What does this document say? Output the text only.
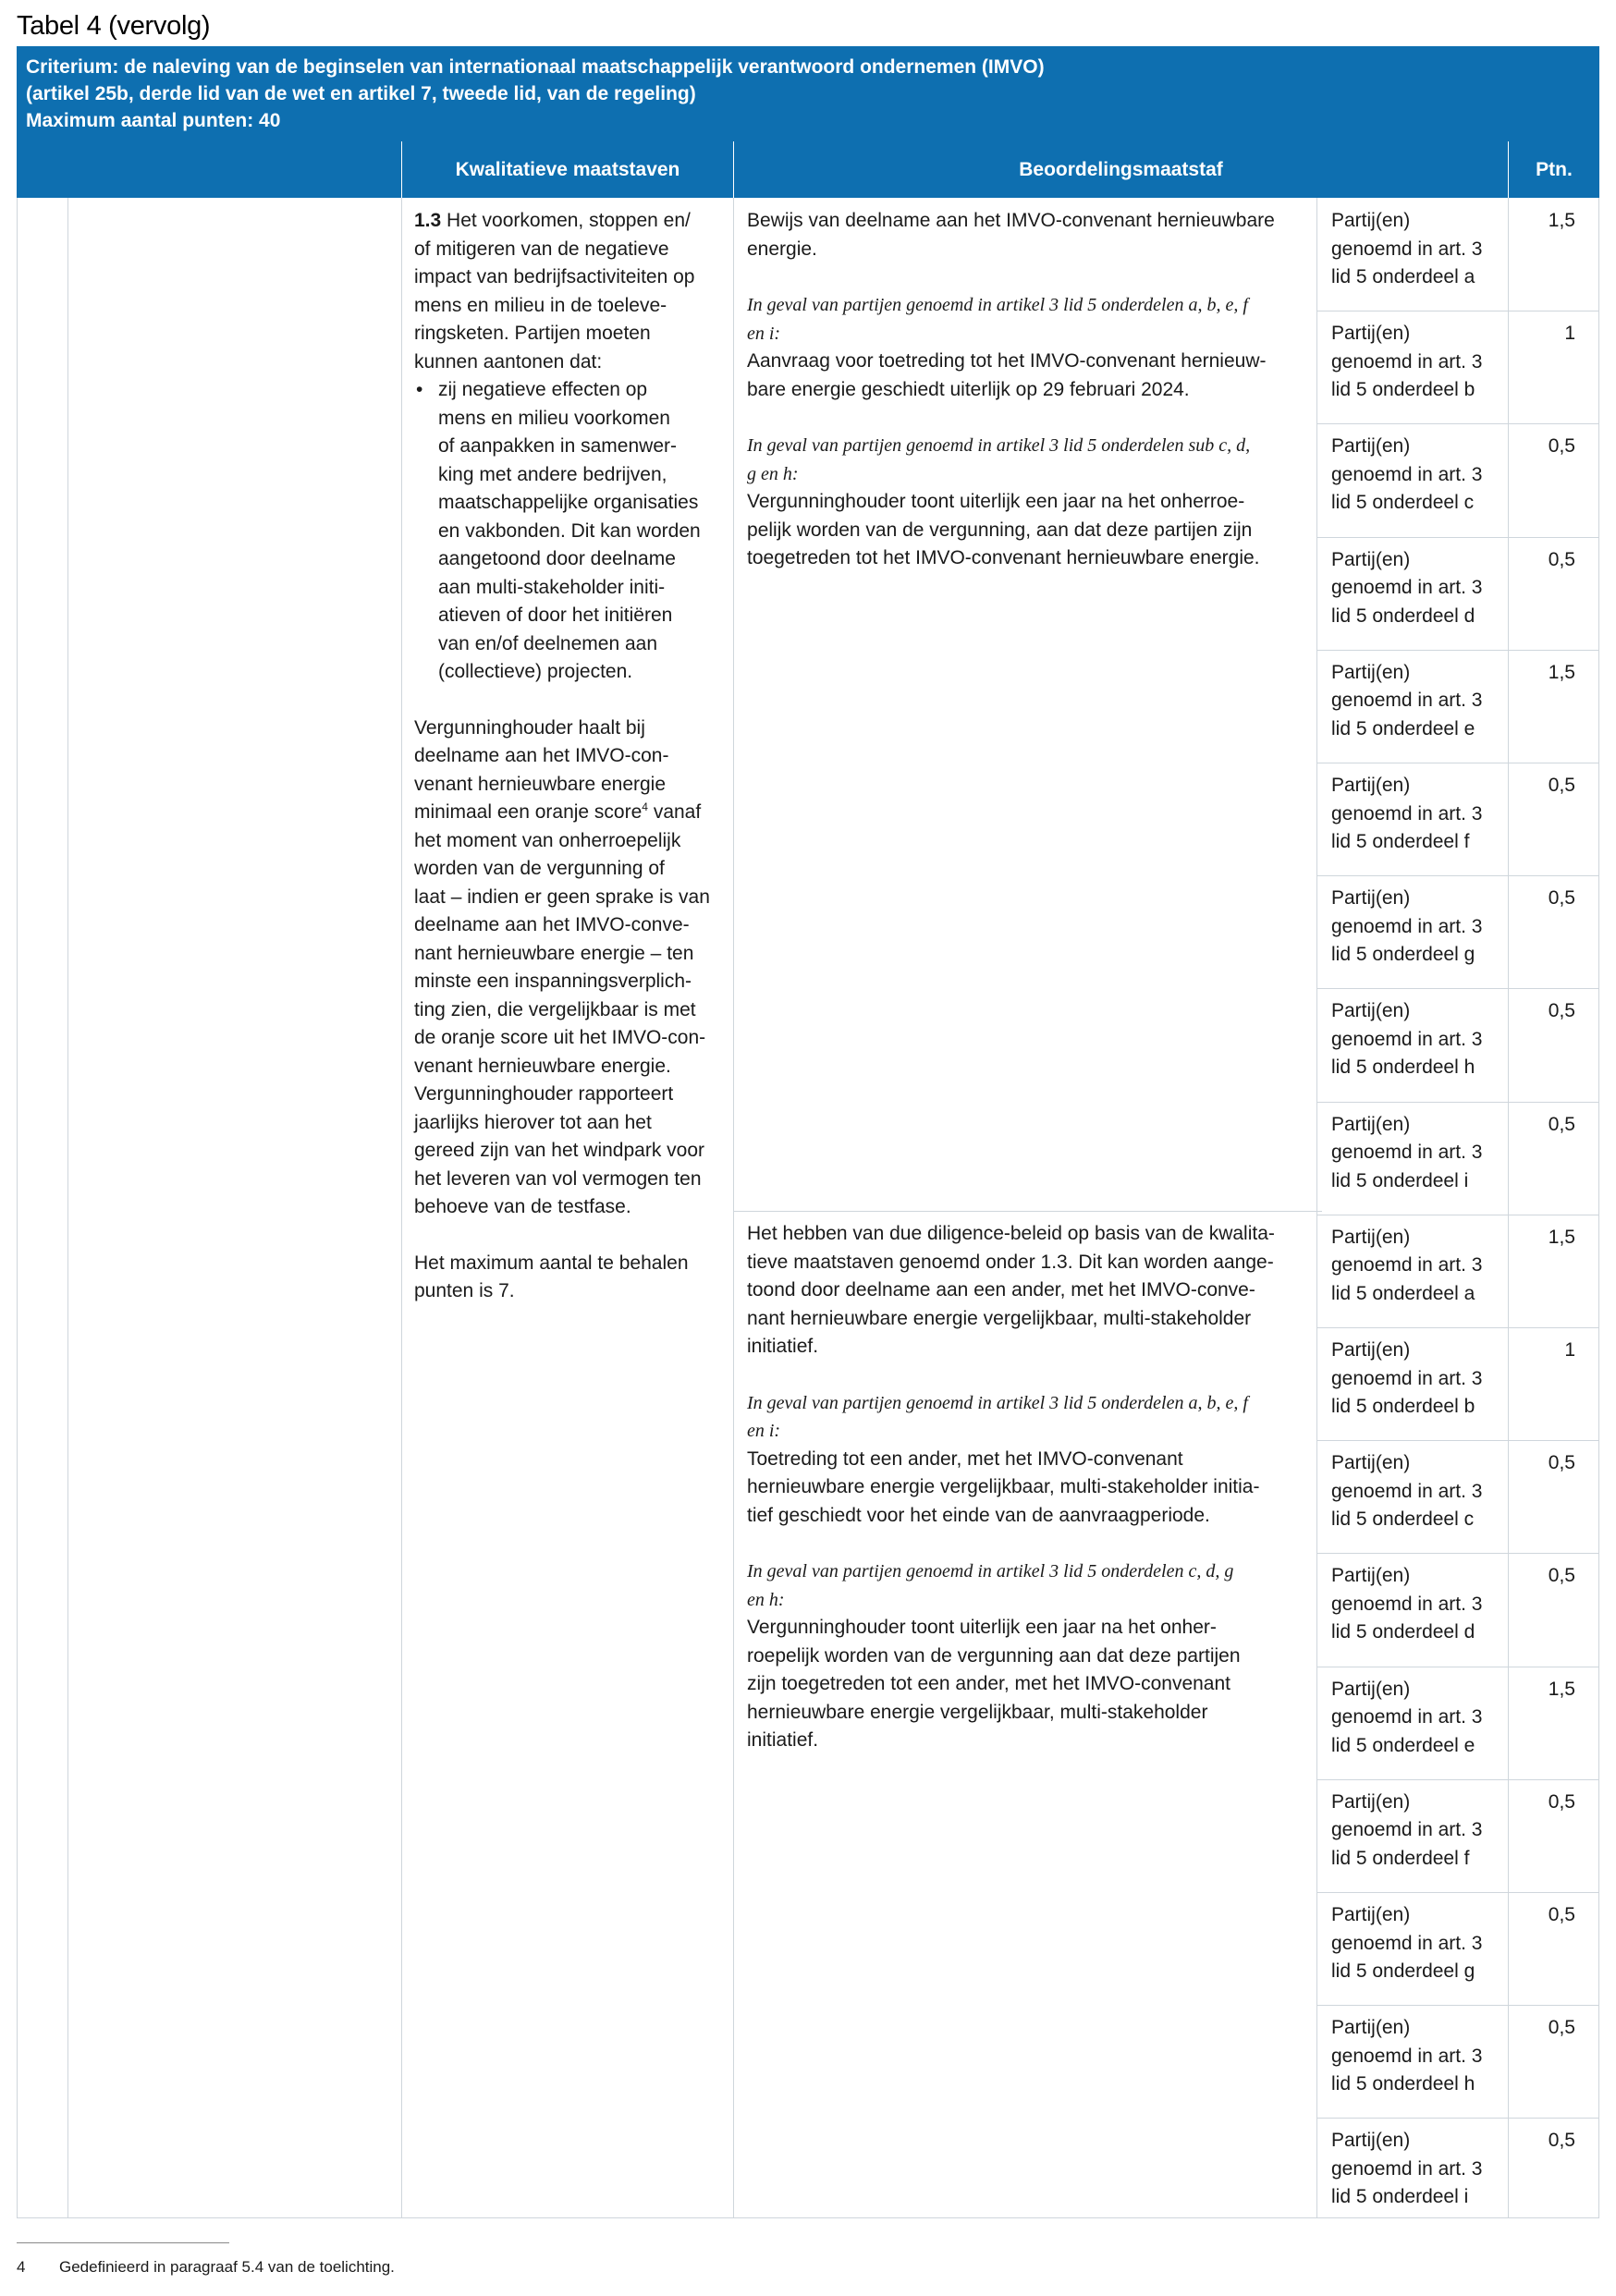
Tabel 4 (vervolg)
Criterium: de naleving van de beginselen van internationaal maatschappelijk verantwoord ondernemen (IMVO)
(artikel 25b, derde lid van de wet en artikel 7, tweede lid, van de regeling)
Maximum aantal punten: 40
Kwalitatieve maatstaven	Beoordelingsmaatstaf	Ptn.

1.3 Het voorkomen, stoppen en/

of mitigeren van de negatieve

impact van bedrijfsactiviteiten op

mens en milieu in de toeleve-

ringsketen. Partijen moeten

kunnen aantonen dat:

• zij negatieve effecten op

mens en milieu voorkomen

of aanpakken in samenwer-

king met andere bedrijven,

maatschappelijke organisaties

en vakbonden. Dit kan worden

aangetoond door deelname

aan multi-stakeholder initi-

atieven of door het initiëren

van en/of deelnemen aan

(collectieve) projecten.

Vergunninghouder haalt bij

deelname aan het IMVO-con-

venant hernieuwbare energie

minimaal een oranje score$^4$ vanaf

het moment van onherroepelijk

worden van de vergunning of

laat – indien er geen sprake is van

deelname aan het IMVO-conve-

nant hernieuwbare energie – ten

minste een inspanningsverplich-

ting zien, die vergelijkbaar is met

de oranje score uit het IMVO-con-

venant hernieuwbare energie.

Vergunninghouder rapporteert

jaarlijks hierover tot aan het

gereed zijn van het windpark voor

het leveren van vol vermogen ten

behoeve van de testfase.

Het maximum aantal te behalen

punten is 7.

Bewijs van deelname aan het IMVO-convenant hernieuwbare

energie.

In geval van partijen genoemd in artikel 3 lid 5 onderdelen a, b, e, f

en i:

Aanvraag voor toetreding tot het IMVO-convenant hernieuw-

bare energie geschiedt uiterlijk op 29 februari 2024.

In geval van partijen genoemd in artikel 3 lid 5 onderdelen sub c, d,

g en h:

Vergunninghouder toont uiterlijk een jaar na het onherroe-

pelijk worden van de vergunning, aan dat deze partijen zijn

toegetreden tot het IMVO-convenant hernieuwbare energie.

Het hebben van due diligence-beleid op basis van de kwalita-

tieve maatstaven genoemd onder 1.3. Dit kan worden aange-

toond door deelname aan een ander, met het IMVO-conve-

nant hernieuwbare energie vergelijkbaar, multi-stakeholder

initiatief.

In geval van partijen genoemd in artikel 3 lid 5 onderdelen a, b, e, f

en i:

Toetreding tot een ander, met het IMVO-convenant

hernieuwbare energie vergelijkbaar, multi-stakeholder initia-

tief geschiedt voor het einde van de aanvraagperiode.

In geval van partijen genoemd in artikel 3 lid 5 onderdelen c, d, g

en h:

Vergunninghouder toont uiterlijk een jaar na het onher-

roepelijk worden van de vergunning aan dat deze partijen

zijn toegetreden tot een ander, met het IMVO-convenant

hernieuwbare energie vergelijkbaar, multi-stakeholder

initiatief.

Partij(en)

genoemd in art. 3

lid 5 onderdeel a

1,5

Partij(en)

genoemd in art. 3

lid 5 onderdeel b

1

Partij(en)

genoemd in art. 3

lid 5 onderdeel c

0,5

Partij(en)

genoemd in art. 3

lid 5 onderdeel d

0,5

Partij(en)

genoemd in art. 3

lid 5 onderdeel e

1,5

Partij(en)

genoemd in art. 3

lid 5 onderdeel f

0,5

Partij(en)

genoemd in art. 3

lid 5 onderdeel g

0,5

Partij(en)

genoemd in art. 3

lid 5 onderdeel h

0,5

Partij(en)

genoemd in art. 3

lid 5 onderdeel i

0,5

Partij(en)

genoemd in art. 3

lid 5 onderdeel a

1,5

Partij(en)

genoemd in art. 3

lid 5 onderdeel b

1

Partij(en)

genoemd in art. 3

lid 5 onderdeel c

0,5

Partij(en)

genoemd in art. 3

lid 5 onderdeel d

0,5

Partij(en)

genoemd in art. 3

lid 5 onderdeel e

1,5

Partij(en)

genoemd in art. 3

lid 5 onderdeel f

0,5

Partij(en)

genoemd in art. 3

lid 5 onderdeel g

0,5

Partij(en)

genoemd in art. 3

lid 5 onderdeel h

0,5

Partij(en)

genoemd in art. 3

lid 5 onderdeel i

0,5
4 Gedefinieerd in paragraaf 5.4 van de toelichting.
